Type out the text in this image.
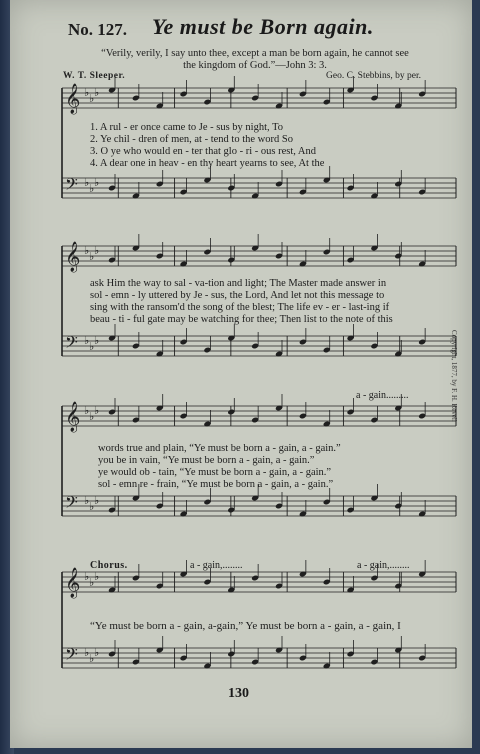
No. 127. Ye must be Born again.
“Verily, verily, I say unto thee, except a man be born again, he cannot see
the kingdom of God.”—John 3: 3.
W. T. Sleeper.	Geo. C. Stebbins, by per.
𝄞 ♭ ♭ ♭
𝄢 ♭ ♭ ♭
𝄞 ♭ ♭ ♭
𝄢 ♭ ♭ ♭
𝄞 ♭ ♭ ♭
𝄢 ♭ ♭ ♭
𝄞 ♭ ♭ ♭
𝄢 ♭ ♭ ♭
1. A rul - er once came to Je - sus by night, To
2. Ye chil - dren of men, at - tend to the word So
3. O ye who would en - ter that glo - ri - ous rest, And
4. A dear one in heav - en thy heart yearns to see, At the
ask Him the way to sal - va-tion and light; The Master made answer in
sol - emn - ly uttered by Je - sus, the Lord, And let not this message to
sing with the ransom'd the song of the blest; The life ev - er - last-ing if
beau - ti - ful gate may be watching for thee; Then list to the note of this
a - gain.........
words true and plain, “Ye must be born a - gain, a - gain.”
you be in vain, “Ye must be born a - gain, a - gain.”
ye would ob - tain, “Ye must be born a - gain, a - gain.”
sol - emn re - frain, “Ye must be born a - gain, a - gain.”
Chorus.	a - gain,........	a - gain,........
“Ye must be born a - gain, a-gain,” Ye must be born a - gain, a - gain, I
Copyright, 1877, by F. H. Revell
130
